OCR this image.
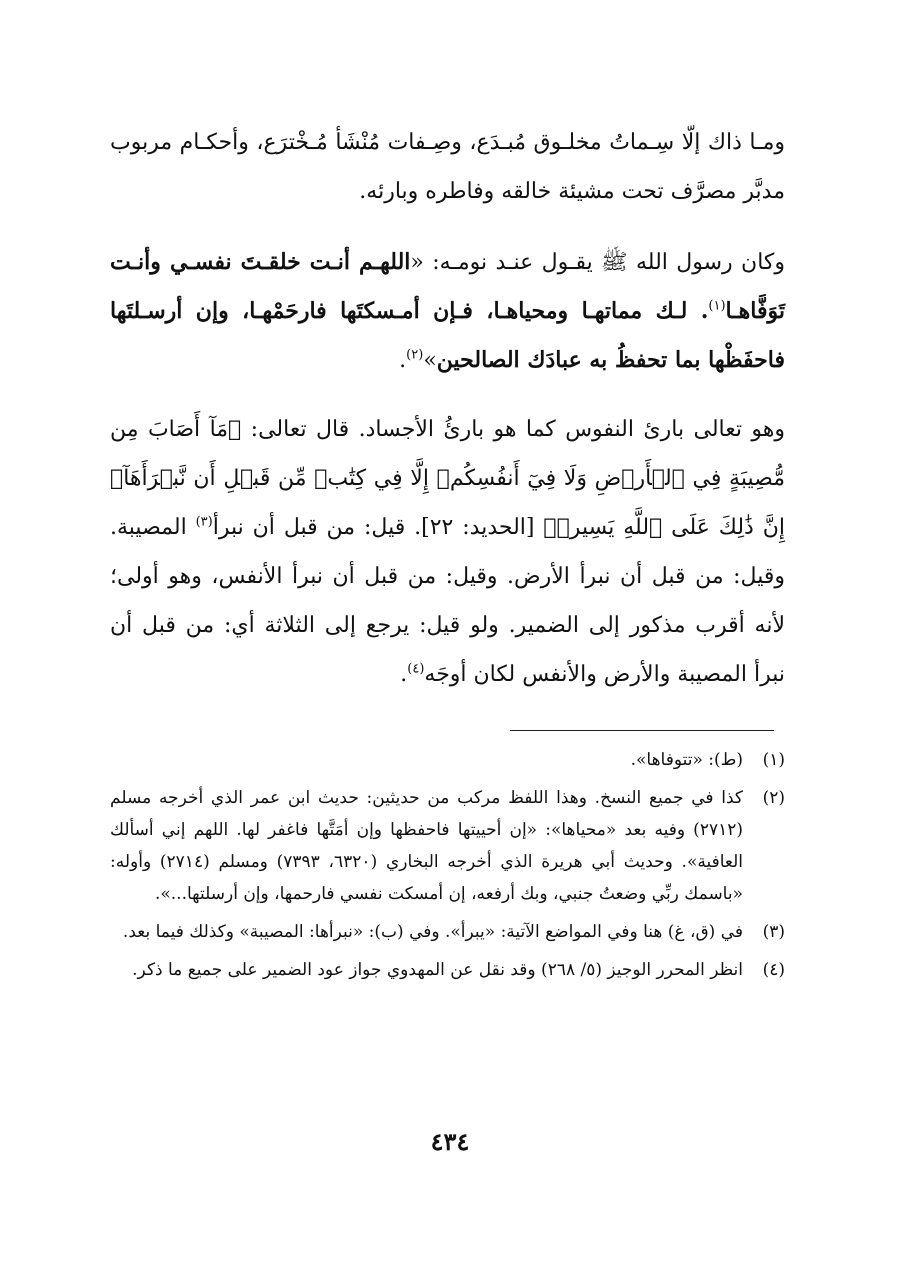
ومـا ذاك إلّا سِـماتُ مخلـوق مُبـدَع، وصِـفات مُنْشَأ مُـخْترَع، وأحكـام مربوب مدبَّر مصرَّف تحت مشيئة خالقه وفاطره وبارئه.

وكان رسول الله ﷺ يقـول عنـد نومـه: «اللهـم أنـت خلقـتَ نفسـي وأنـت تَوَفَّاهـا$^{(١)}$. لـك مماتهـا ومحياهـا، فـإن أمـسكتَها فارحَمْهـا، وإن أرسـلتَها فاحفَظْها بما تحفظُ به عبادَك الصالحين»$^{(٢)}$.

وهو تعالى بارئ النفوس كما هو بارئُ الأجساد. قال تعالى: ﴿مَآ أَصَابَ مِن مُّصِيبَةٍ فِي ٱلۡأَرۡضِ وَلَا فِيٓ أَنفُسِكُمۡ إِلَّا فِي كِتَٰبٖ مِّن قَبۡلِ أَن نَّبۡرَأَهَآۚ إِنَّ ذَٰلِكَ عَلَى ٱللَّهِ يَسِيرٞ﴾ [الحديد: ٢٢]. قيل: من قبل أن نبرأ$^{(٣)}$ المصيبة. وقيل: من قبل أن نبرأ الأرض. وقيل: من قبل أن نبرأ الأنفس، وهو أولى؛ لأنه أقرب مذكور إلى الضمير. ولو قيل: يرجع إلى الثلاثة أي: من قبل أن نبرأ المصيبة والأرض والأنفس لكان أوجَه$^{(٤)}$.

(١)
(ط): «تتوفاها».
(٢)
كذا في جميع النسخ. وهذا اللفظ مركب من حديثين: حديث ابن عمر الذي أخرجه مسلم (٢٧١٢) وفيه بعد «محياها»: «إن أحييتها فاحفظها وإن أمَتَّها فاغفر لها. اللهم إني أسألك العافية». وحديث أبي هريرة الذي أخرجه البخاري (٦٣٢٠، ٧٣٩٣) ومسلم (٢٧١٤) وأوله: «باسمك ربِّي وضعتُ جنبي، وبك أرفعه، إن أمسكت نفسي فارحمها، وإن أرسلتها...».
(٣)
في (ق، غ) هنا وفي المواضع الآتية: «يبرأ». وفي (ب): «نبرأها: المصيبة» وكذلك فيما بعد.
(٤)
انظر المحرر الوجيز (٥/ ٢٦٨) وقد نقل عن المهدوي جواز عود الضمير على جميع ما ذكر.
٤٣٤
